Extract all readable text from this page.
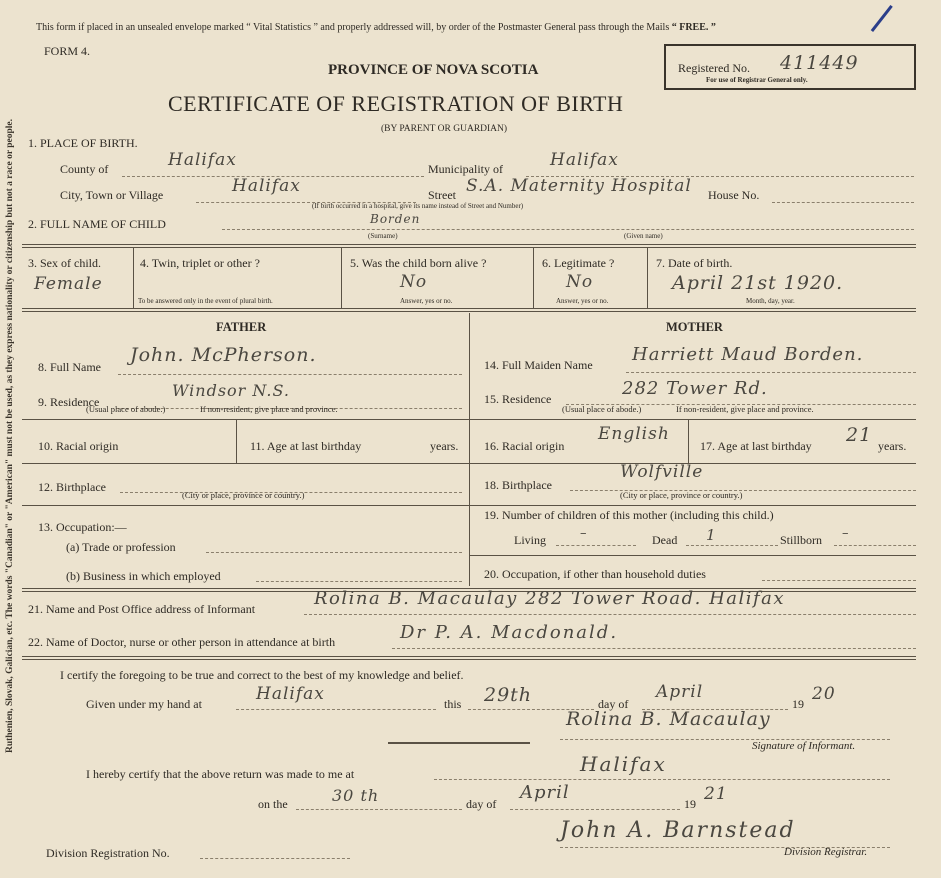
Ruthenien, Slovak, Galician, etc. The words "Canadian" or "American" must not be used, as they express nationality or citizenship but not a race or people.
This form if placed in an unsealed envelope marked “ Vital Statistics ” and properly addressed will, by order of the Postmaster General pass through the Mails “ FREE. ”
FORM 4.
PROVINCE OF NOVA SCOTIA
CERTIFICATE OF REGISTRATION OF BIRTH
(BY PARENT OR GUARDIAN)
Registered No. 411449
For use of Registrar General only.
1. PLACE OF BIRTH.
County of	Halifax	Municipality of	Halifax
City, Town or Village	Halifax	Street S.A. Maternity Hospital House No.
(If birth occurred in a hospital, give its name instead of Street and Number)
2. FULL NAME OF CHILD	Borden
(Surname)	(Given name)
3. Sex of child.
Female
4. Twin, triplet or other ?
To be answered only in the event of plural birth.
5. Was the child born alive ?
No
Answer, yes or no.
6. Legitimate ?
No
Answer, yes or no.
7. Date of birth.
April 21st 1920.
Month, day, year.
FATHER	MOTHER
8. Full Name
John. McPherson.
9. Residence
Windsor N.S.
(Usual place of abode.)	If non-resident, give place and province.
10. Racial origin	11. Age at last birthday	years.
12. Birthplace
(City or place, province or country.)
13. Occupation:—
(a) Trade or profession
(b) Business in which employed
14. Full Maiden Name Harriett Maud Borden.
15. Residence	282 Tower Rd.
(Usual place of abode.)	If non-resident, give place and province.
16. Racial origin
English
17. Age at last birthday 21 years.
18. Birthplace
Wolfville
(City or place, province or country.)
19. Number of children of this mother (including this child.)
Living	–	Dead 1	Stillborn –
20. Occupation, if other than household duties
21. Name and Post Office address of Informant	Rolina B. Macaulay 282 Tower Road. Halifax
22. Name of Doctor, nurse or other person in attendance at birth	Dr P. A. Macdonald.
I certify the foregoing to be true and correct to the best of my knowledge and belief.
Given under my hand at	Halifax	this 29th	day of
April
19 20
Rolina B. Macaulay
Signature of Informant.
I hereby certify that the above return was made to me at	Halifax
on the	30 th	day of
April
19 21
John A. Barnstead
Division Registrar.
Division Registration No.
